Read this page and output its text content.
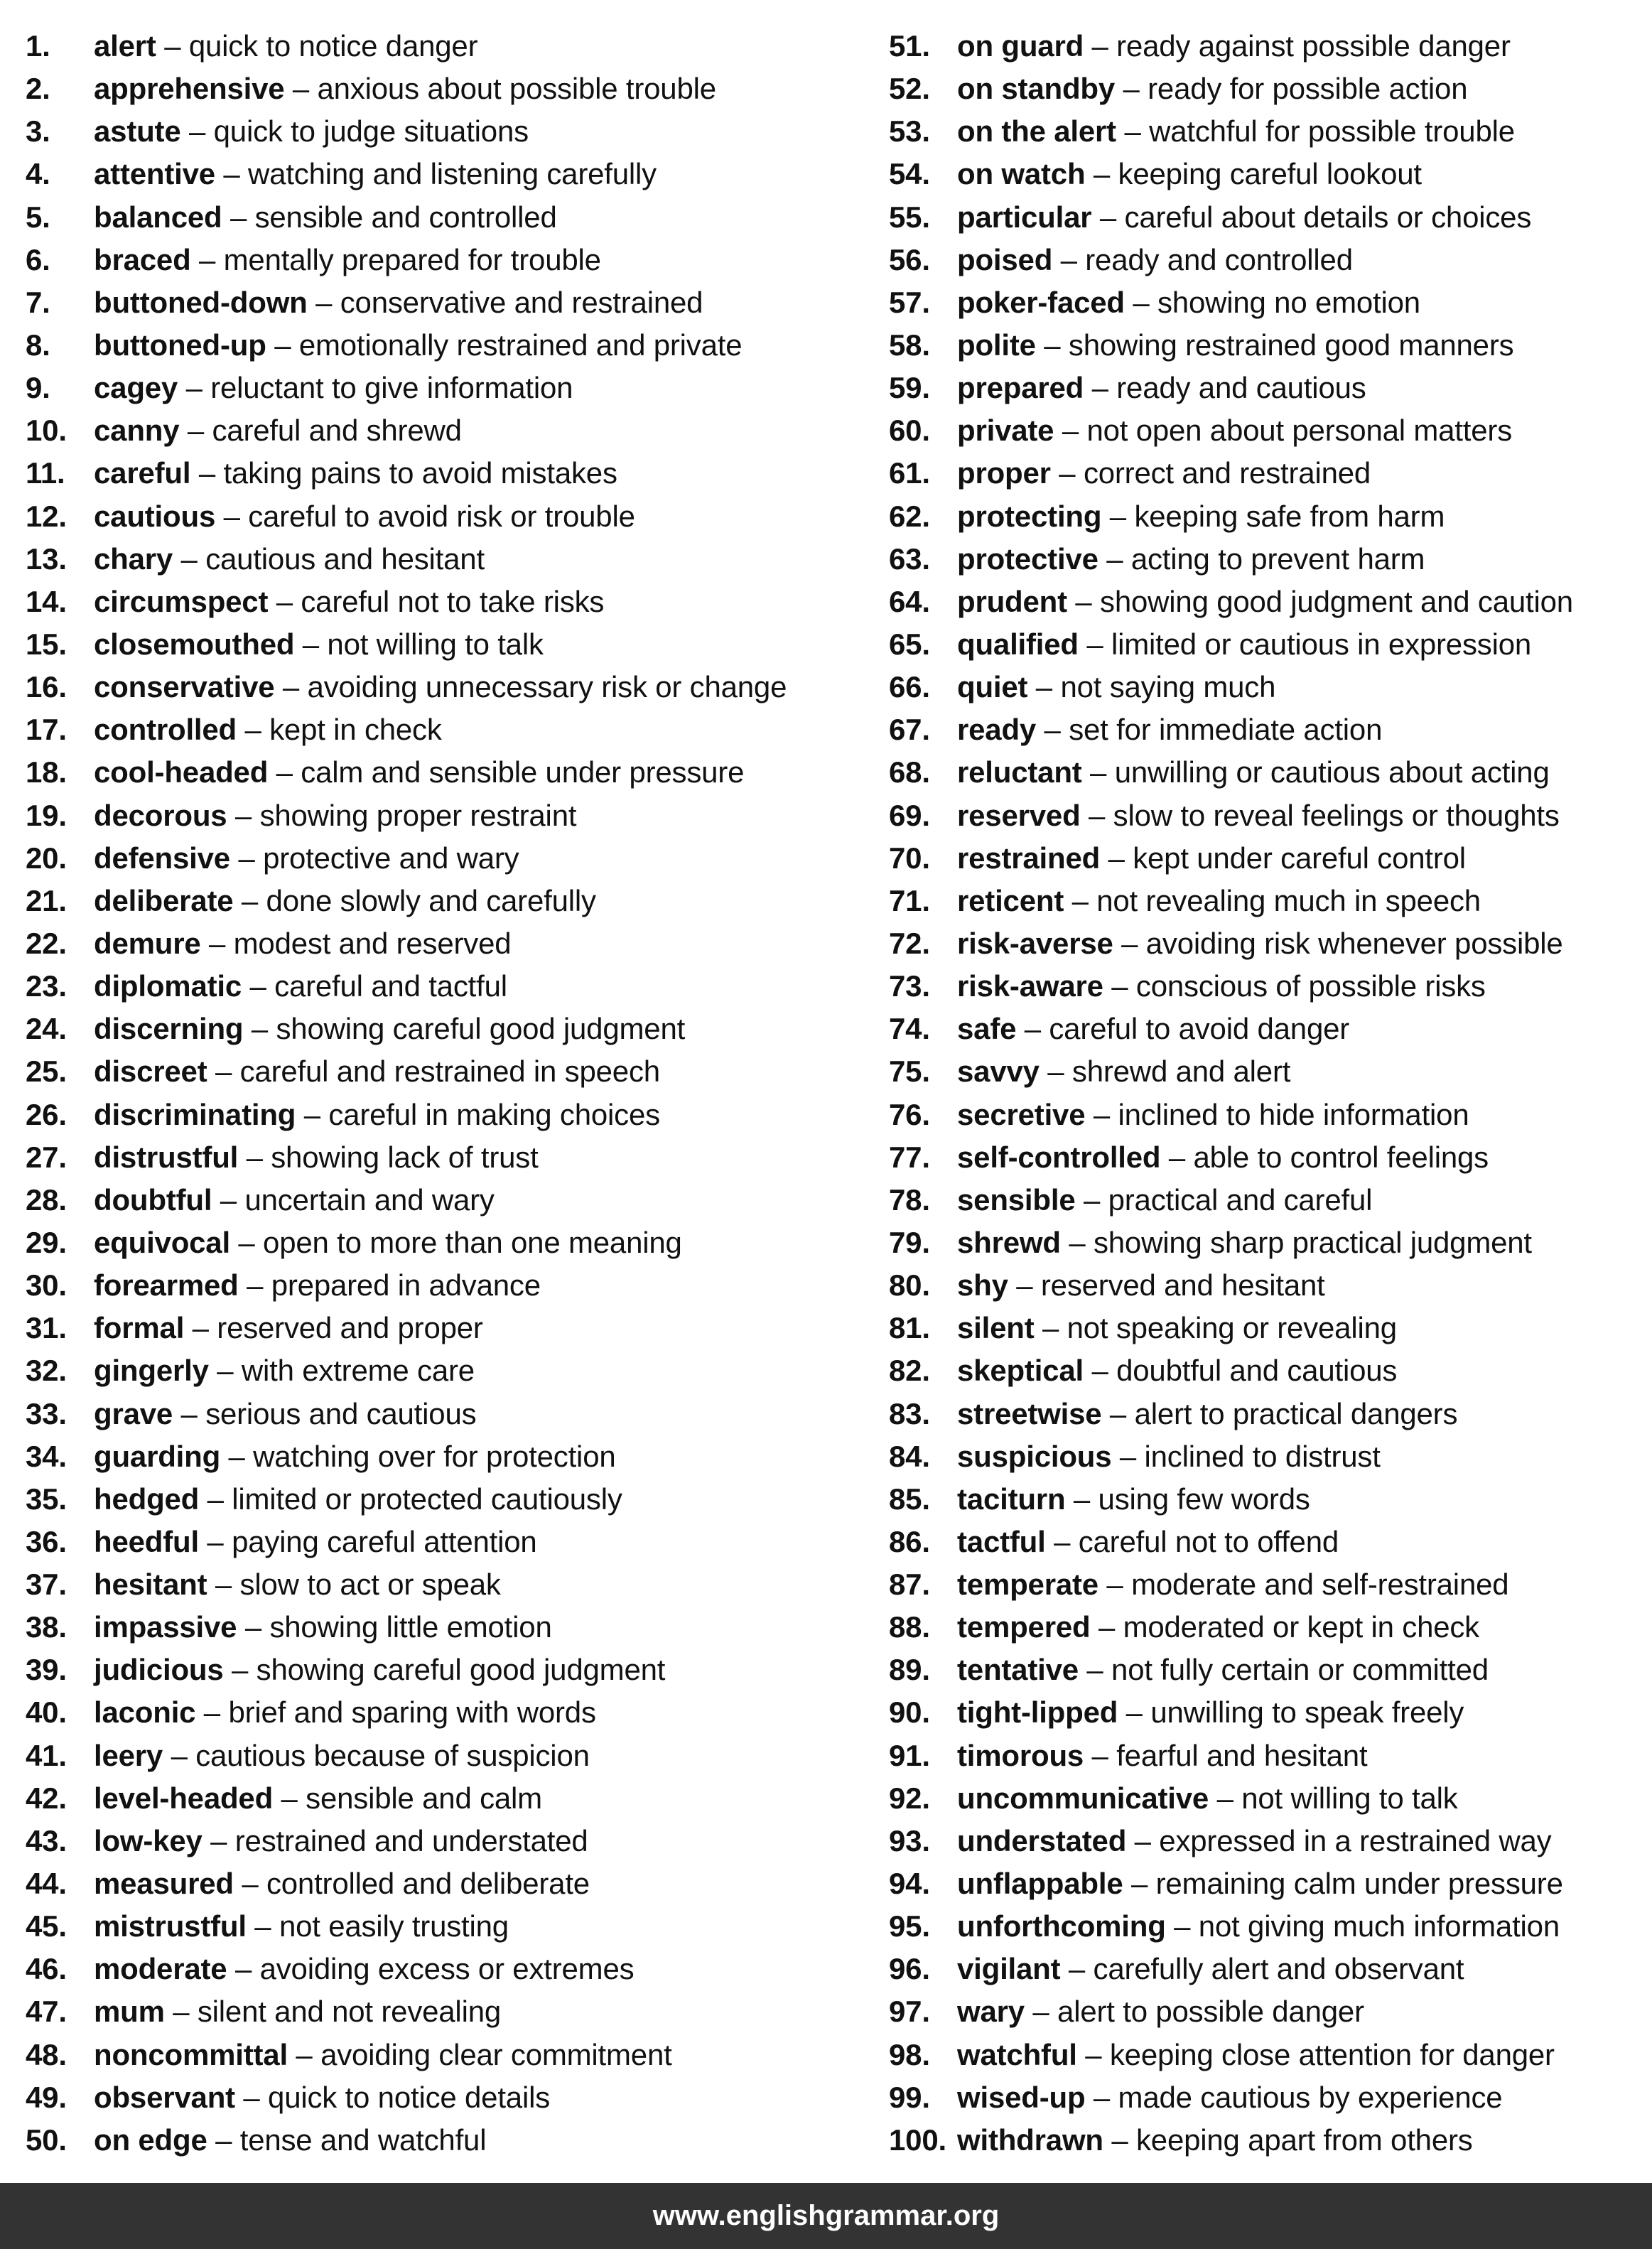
1. alert – quick to notice danger
2. apprehensive – anxious about possible trouble
3. astute – quick to judge situations
4. attentive – watching and listening carefully
5. balanced – sensible and controlled
6. braced – mentally prepared for trouble
7. buttoned-down – conservative and restrained
8. buttoned-up – emotionally restrained and private
9. cagey – reluctant to give information
10. canny – careful and shrewd
11. careful – taking pains to avoid mistakes
12. cautious – careful to avoid risk or trouble
13. chary – cautious and hesitant
14. circumspect – careful not to take risks
15. closemouthed – not willing to talk
16. conservative – avoiding unnecessary risk or change
17. controlled – kept in check
18. cool-headed – calm and sensible under pressure
19. decorous – showing proper restraint
20. defensive – protective and wary
21. deliberate – done slowly and carefully
22. demure – modest and reserved
23. diplomatic – careful and tactful
24. discerning – showing careful good judgment
25. discreet – careful and restrained in speech
26. discriminating – careful in making choices
27. distrustful – showing lack of trust
28. doubtful – uncertain and wary
29. equivocal – open to more than one meaning
30. forearmed – prepared in advance
31. formal – reserved and proper
32. gingerly – with extreme care
33. grave – serious and cautious
34. guarding – watching over for protection
35. hedged – limited or protected cautiously
36. heedful – paying careful attention
37. hesitant – slow to act or speak
38. impassive – showing little emotion
39. judicious – showing careful good judgment
40. laconic – brief and sparing with words
41. leery – cautious because of suspicion
42. level-headed – sensible and calm
43. low-key – restrained and understated
44. measured – controlled and deliberate
45. mistrustful – not easily trusting
46. moderate – avoiding excess or extremes
47. mum – silent and not revealing
48. noncommittal – avoiding clear commitment
49. observant – quick to notice details
50. on edge – tense and watchful
51. on guard – ready against possible danger
52. on standby – ready for possible action
53. on the alert – watchful for possible trouble
54. on watch – keeping careful lookout
55. particular – careful about details or choices
56. poised – ready and controlled
57. poker-faced – showing no emotion
58. polite – showing restrained good manners
59. prepared – ready and cautious
60. private – not open about personal matters
61. proper – correct and restrained
62. protecting – keeping safe from harm
63. protective – acting to prevent harm
64. prudent – showing good judgment and caution
65. qualified – limited or cautious in expression
66. quiet – not saying much
67. ready – set for immediate action
68. reluctant – unwilling or cautious about acting
69. reserved – slow to reveal feelings or thoughts
70. restrained – kept under careful control
71. reticent – not revealing much in speech
72. risk-averse – avoiding risk whenever possible
73. risk-aware – conscious of possible risks
74. safe – careful to avoid danger
75. savvy – shrewd and alert
76. secretive – inclined to hide information
77. self-controlled – able to control feelings
78. sensible – practical and careful
79. shrewd – showing sharp practical judgment
80. shy – reserved and hesitant
81. silent – not speaking or revealing
82. skeptical – doubtful and cautious
83. streetwise – alert to practical dangers
84. suspicious – inclined to distrust
85. taciturn – using few words
86. tactful – careful not to offend
87. temperate – moderate and self-restrained
88. tempered – moderated or kept in check
89. tentative – not fully certain or committed
90. tight-lipped – unwilling to speak freely
91. timorous – fearful and hesitant
92. uncommunicative – not willing to talk
93. understated – expressed in a restrained way
94. unflappable – remaining calm under pressure
95. unforthcoming – not giving much information
96. vigilant – carefully alert and observant
97. wary – alert to possible danger
98. watchful – keeping close attention for danger
99. wised-up – made cautious by experience
100. withdrawn – keeping apart from others
www.englishgrammar.org
